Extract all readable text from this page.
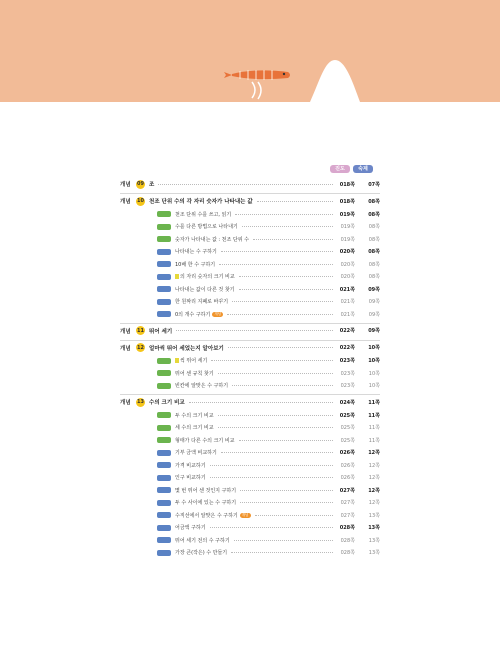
진도	숙제
개념	09 조	018쪽	07쪽
개념	10 천조 단위 수의 각 자리 숫자가 나타내는 값	018쪽	08쪽
천조 단위 수를 쓰고, 읽기	019쪽	08쪽
수를 다른 방법으로 나타내기	019쪽	08쪽
숫자가 나타내는 값 : 천조 단위 수	019쪽	08쪽
나타내는 수 구하기	020쪽	08쪽
10배 한 수 구하기	020쪽	08쪽
의 자리 숫자의 크기 비교	020쪽	08쪽
나타내는 값이 다른 것 찾기	021쪽	09쪽
한 원짜리 지폐로 바꾸기	021쪽	09쪽
0의 개수 구하기 개념	021쪽	09쪽
개념	11 뛰어 세기	022쪽	09쪽
개념	12 얼마씩 뛰어 세었는지 알아보기	022쪽	10쪽
씩 뛰어 세기	023쪽	10쪽
뛰어 센 규칙 찾기	023쪽	10쪽
빈칸에 알맞은 수 구하기	023쪽	10쪽
개념	13 수의 크기 비교	024쪽	11쪽
두 수의 크기 비교	025쪽	11쪽
세 수의 크기 비교	025쪽	11쪽
형태가 다른 수의 크기 비교	025쪽	11쪽
기부 금액 비교하기	026쪽	12쪽
가격 비교하기	026쪽	12쪽
인구 비교하기	026쪽	12쪽
몇 번 뛰어 센 것인지 구하기	027쪽	12쪽
두 수 사이에 있는 수 구하기	027쪽	12쪽
수직선에서 알맞은 수 구하기 개념	027쪽	13쪽
어금액 구하기	028쪽	13쪽
뛰어 세기 전의 수 구하기	028쪽	13쪽
가장 큰(작은) 수 만들기	028쪽	13쪽
